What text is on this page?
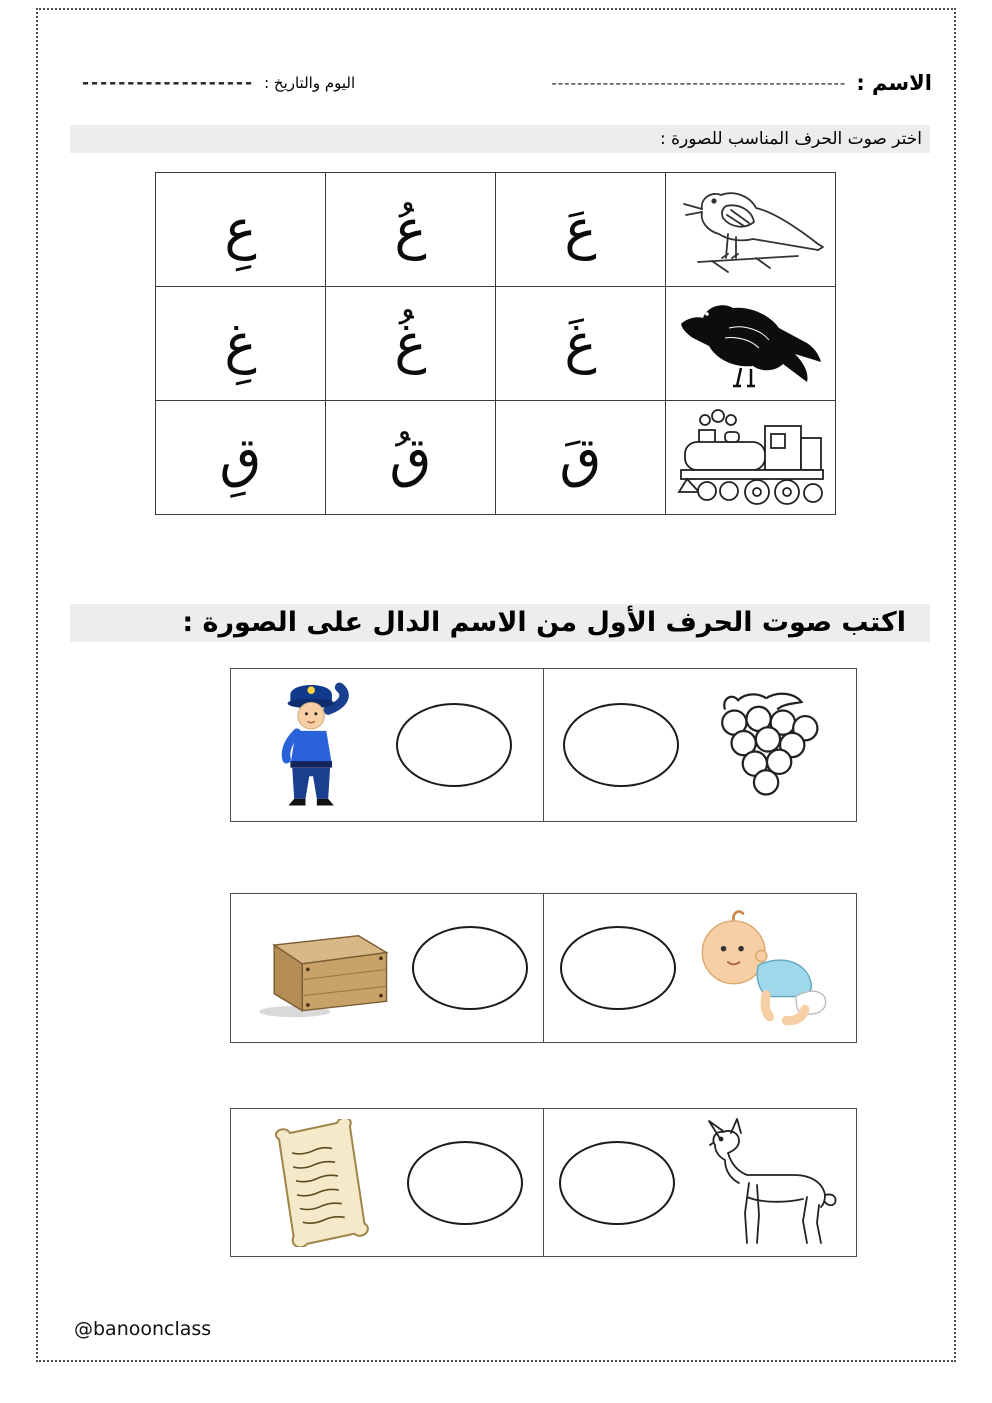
الاسم :
----------------------------------------------
اليوم والتاريخ :
-------------------
اختر صوت الحرف المناسب للصورة :
	عَ	عُ	عِ

	غَ	غُ	غِ

	قَ	قُ	قِ
اكتب صوت الحرف الأول من الاسم الدال على الصورة :
@banoonclass
